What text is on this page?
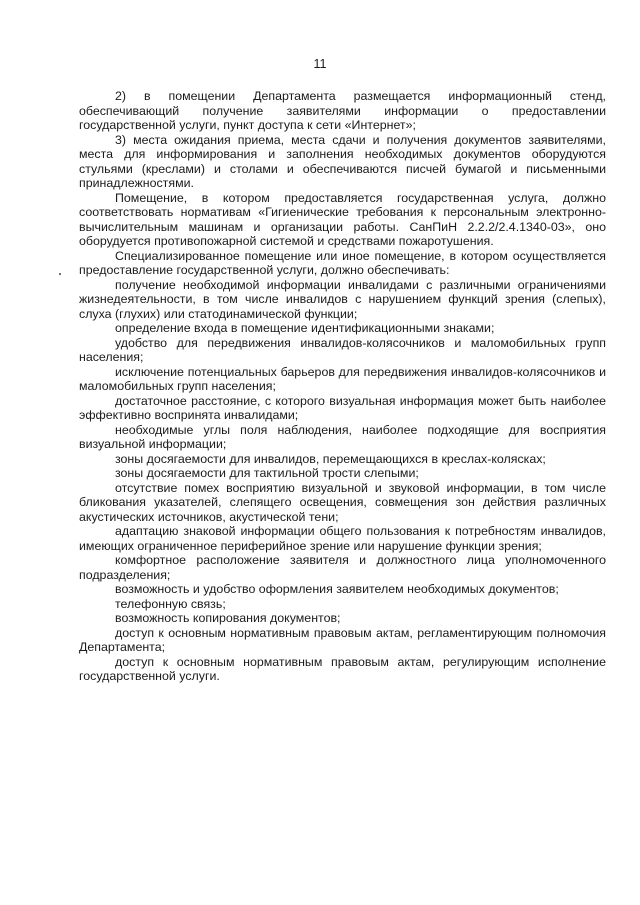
11

2) в помещении Департамента размещается информационный стенд, обеспечивающий получение заявителями информации о предоставлении государственной услуги, пункт доступа к сети «Интернет»;

3) места ожидания приема, места сдачи и получения документов заявителями, места для информирования и заполнения необходимых документов оборудуются стульями (креслами) и столами и обеспечиваются писчей бумагой и письменными принадлежностями.

Помещение, в котором предоставляется государственная услуга, должно соответствовать нормативам «Гигиенические требования к персональным электронно-вычислительным машинам и организации работы. СанПиН 2.2.2/2.4.1340-03», оно оборудуется противопожарной системой и средствами пожаротушения.

Специализированное помещение или иное помещение, в котором осуществляется предоставление государственной услуги, должно обеспечивать:

получение необходимой информации инвалидами с различными ограничениями жизнедеятельности, в том числе инвалидов с нарушением функций зрения (слепых), слуха (глухих) или статодинамической функции;

определение входа в помещение идентификационными знаками;

удобство для передвижения инвалидов-колясочников и маломобильных групп населения;

исключение потенциальных барьеров для передвижения инвалидов-колясочников и маломобильных групп населения;

достаточное расстояние, с которого визуальная информация может быть наиболее эффективно воспринята инвалидами;

необходимые углы поля наблюдения, наиболее подходящие для восприятия визуальной информации;

зоны досягаемости для инвалидов, перемещающихся в креслах-колясках;

зоны досягаемости для тактильной трости слепыми;

отсутствие помех восприятию визуальной и звуковой информации, в том числе бликования указателей, слепящего освещения, совмещения зон действия различных акустических источников, акустической тени;

адаптацию знаковой информации общего пользования к потребностям инвалидов, имеющих ограниченное периферийное зрение или нарушение функции зрения;

комфортное расположение заявителя и должностного лица уполномоченного подразделения;

возможность и удобство оформления заявителем необходимых документов;

телефонную связь;

возможность копирования документов;

доступ к основным нормативным правовым актам, регламентирующим полномочия Департамента;

доступ к основным нормативным правовым актам, регулирующим исполнение государственной услуги.
